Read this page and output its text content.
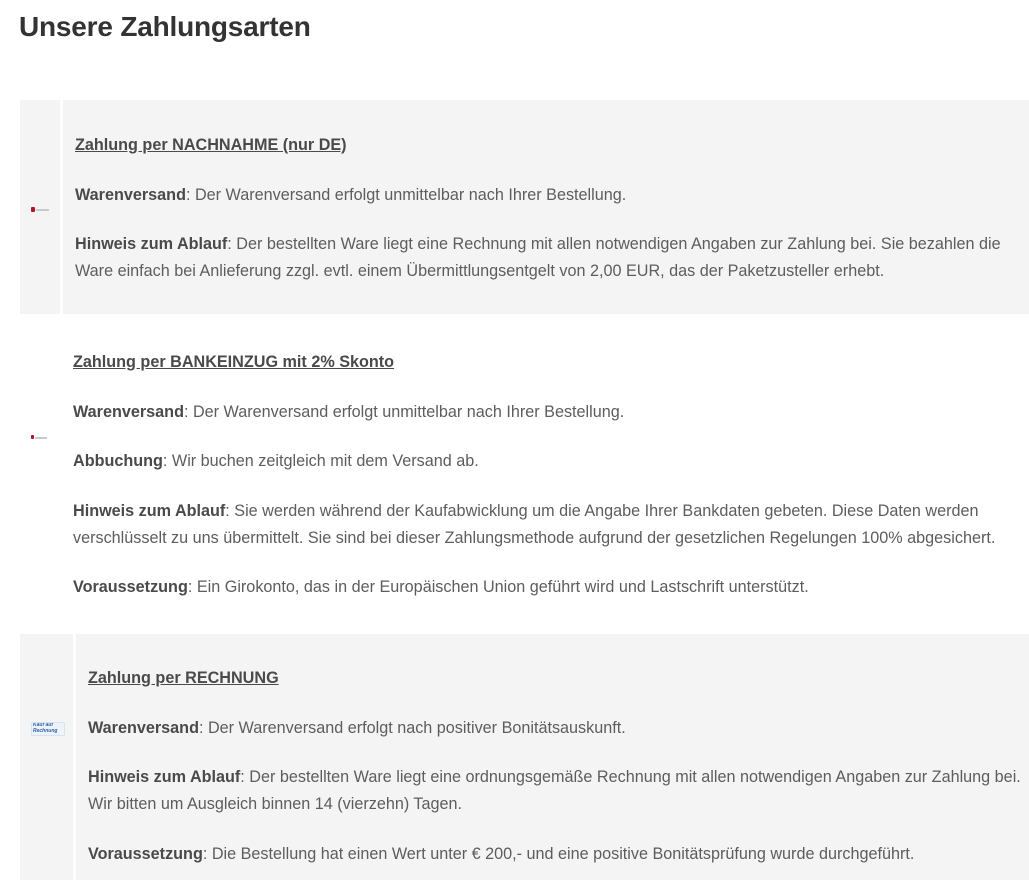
Unsere Zahlungsarten

Zahlung per NACHNAHME (nur DE)

Warenversand: Der Warenversand erfolgt unmittelbar nach Ihrer Bestellung.

Hinweis zum Ablauf: Der bestellten Ware liegt eine Rechnung mit allen notwendigen Angaben zur Zahlung bei. Sie bezahlen die Ware einfach bei Anlieferung zzgl. evtl. einem Übermittlungsentgelt von 2,00 EUR, das der Paketzusteller erhebt.

Zahlung per BANKEINZUG mit 2% Skonto

Warenversand: Der Warenversand erfolgt unmittelbar nach Ihrer Bestellung.

Abbuchung: Wir buchen zeitgleich mit dem Versand ab.

Hinweis zum Ablauf: Sie werden während der Kaufabwicklung um die Angabe Ihrer Bankdaten gebeten. Diese Daten werden verschlüsselt zu uns übermittelt. Sie sind bei dieser Zahlungsmethode aufgrund der gesetzlichen Regelungen 100% abgesichert.

Voraussetzung: Ein Girokonto, das in der Europäischen Union geführt wird und Lastschrift unterstützt.

Kauf auf Rechnung

Zahlung per RECHNUNG

Warenversand: Der Warenversand erfolgt nach positiver Bonitätsauskunft.

Hinweis zum Ablauf: Der bestellten Ware liegt eine ordnungsgemäße Rechnung mit allen notwendigen Angaben zur Zahlung bei. Wir bitten um Ausgleich binnen 14 (vierzehn) Tagen.

Voraussetzung: Die Bestellung hat einen Wert unter € 200,- und eine positive Bonitätsprüfung wurde durchgeführt.
